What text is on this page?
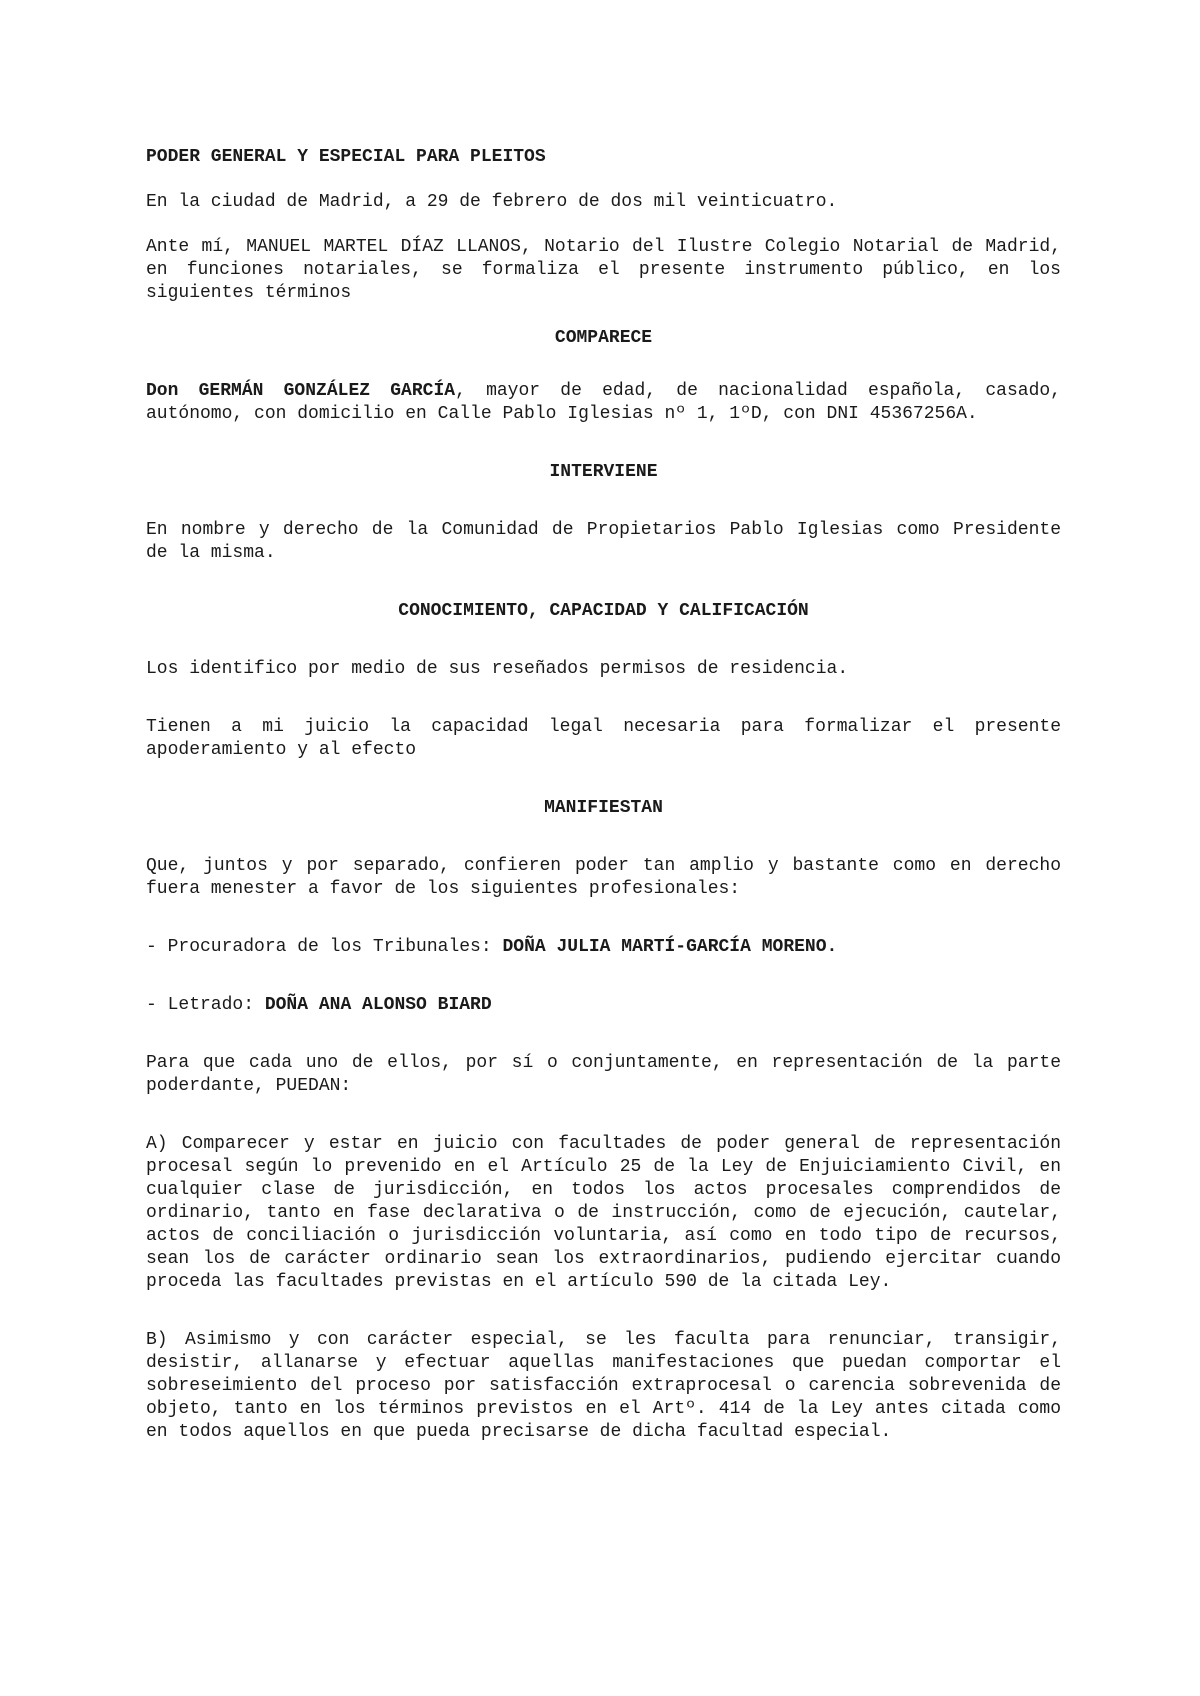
PODER GENERAL Y ESPECIAL PARA PLEITOS

En la ciudad de Madrid, a 29 de febrero de dos mil veinticuatro.

Ante mí, MANUEL MARTEL DÍAZ LLANOS, Notario del Ilustre Colegio Notarial de Madrid, en funciones notariales, se formaliza el presente instrumento público, en los siguientes términos

COMPARECE

Don GERMÁN GONZÁLEZ GARCÍA, mayor de edad, de nacionalidad española, casado, autónomo, con domicilio en Calle Pablo Iglesias nº 1, 1ºD, con DNI 45367256A.

INTERVIENE

En nombre y derecho de la Comunidad de Propietarios Pablo Iglesias como Presidente de la misma.

CONOCIMIENTO, CAPACIDAD Y CALIFICACIÓN

Los identifico por medio de sus reseñados permisos de residencia.

Tienen a mi juicio la capacidad legal necesaria para formalizar el presente apoderamiento y al efecto

MANIFIESTAN

Que, juntos y por separado, confieren poder tan amplio y bastante como en derecho fuera menester a favor de los siguientes profesionales:

- Procuradora de los Tribunales: DOÑA JULIA MARTÍ-GARCÍA MORENO.

- Letrado: DOÑA ANA ALONSO BIARD

Para que cada uno de ellos, por sí o conjuntamente, en representación de la parte poderdante, PUEDAN:

A) Comparecer y estar en juicio con facultades de poder general de representación procesal según lo prevenido en el Artículo 25 de la Ley de Enjuiciamiento Civil, en cualquier clase de jurisdicción, en todos los actos procesales comprendidos de ordinario, tanto en fase declarativa o de instrucción, como de ejecución, cautelar, actos de conciliación o jurisdicción voluntaria, así como en todo tipo de recursos, sean los de carácter ordinario sean los extraordinarios, pudiendo ejercitar cuando proceda las facultades previstas en el artículo 590 de la citada Ley.

B) Asimismo y con carácter especial, se les faculta para renunciar, transigir, desistir, allanarse y efectuar aquellas manifestaciones que puedan comportar el sobreseimiento del proceso por satisfacción extraprocesal o carencia sobrevenida de objeto, tanto en los términos previstos en el Artº. 414 de la Ley antes citada como en todos aquellos en que pueda precisarse de dicha facultad especial.
